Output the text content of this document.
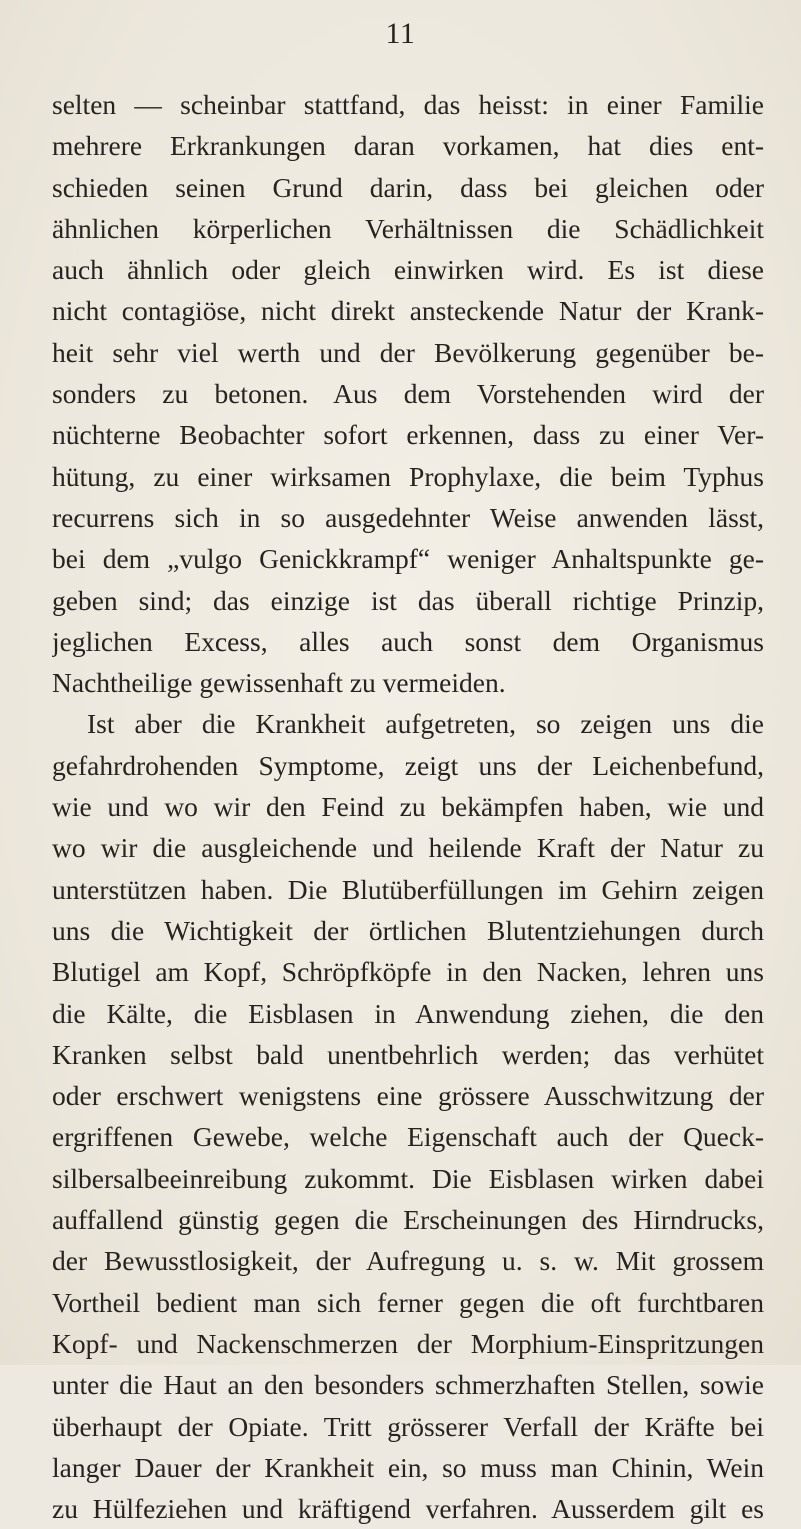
11
selten — scheinbar stattfand, das heisst: in einer Familie
mehrere Erkrankungen daran vorkamen, hat dies ent-
schieden seinen Grund darin, dass bei gleichen oder
ähnlichen körperlichen Verhältnissen die Schädlichkeit
auch ähnlich oder gleich einwirken wird. Es ist diese
nicht contagiöse, nicht direkt ansteckende Natur der Krank-
heit sehr viel werth und der Bevölkerung gegenüber be-
sonders zu betonen. Aus dem Vorstehenden wird der
nüchterne Beobachter sofort erkennen, dass zu einer Ver-
hütung, zu einer wirksamen Prophylaxe, die beim Typhus
recurrens sich in so ausgedehnter Weise anwenden lässt,
bei dem „vulgo Genickkrampf“ weniger Anhaltspunkte ge-
geben sind; das einzige ist das überall richtige Prinzip,
jeglichen Excess, alles auch sonst dem Organismus
Nachtheilige gewissenhaft zu vermeiden.
Ist aber die Krankheit aufgetreten, so zeigen uns die
gefahrdrohenden Symptome, zeigt uns der Leichenbefund,
wie und wo wir den Feind zu bekämpfen haben, wie und
wo wir die ausgleichende und heilende Kraft der Natur zu
unterstützen haben. Die Blutüberfüllungen im Gehirn zeigen
uns die Wichtigkeit der örtlichen Blutentziehungen durch
Blutigel am Kopf, Schröpfköpfe in den Nacken, lehren uns
die Kälte, die Eisblasen in Anwendung ziehen, die den
Kranken selbst bald unentbehrlich werden; das verhütet
oder erschwert wenigstens eine grössere Ausschwitzung der
ergriffenen Gewebe, welche Eigenschaft auch der Queck-
silbersalbeeinreibung zukommt. Die Eisblasen wirken dabei
auffallend günstig gegen die Erscheinungen des Hirndrucks,
der Bewusstlosigkeit, der Aufregung u. s. w. Mit grossem
Vortheil bedient man sich ferner gegen die oft furchtbaren
Kopf- und Nackenschmerzen der Morphium-Einspritzungen
unter die Haut an den besonders schmerzhaften Stellen, sowie
überhaupt der Opiate. Tritt grösserer Verfall der Kräfte bei
langer Dauer der Krankheit ein, so muss man Chinin, Wein
zu Hülfeziehen und kräftigend verfahren. Ausserdem gilt es
